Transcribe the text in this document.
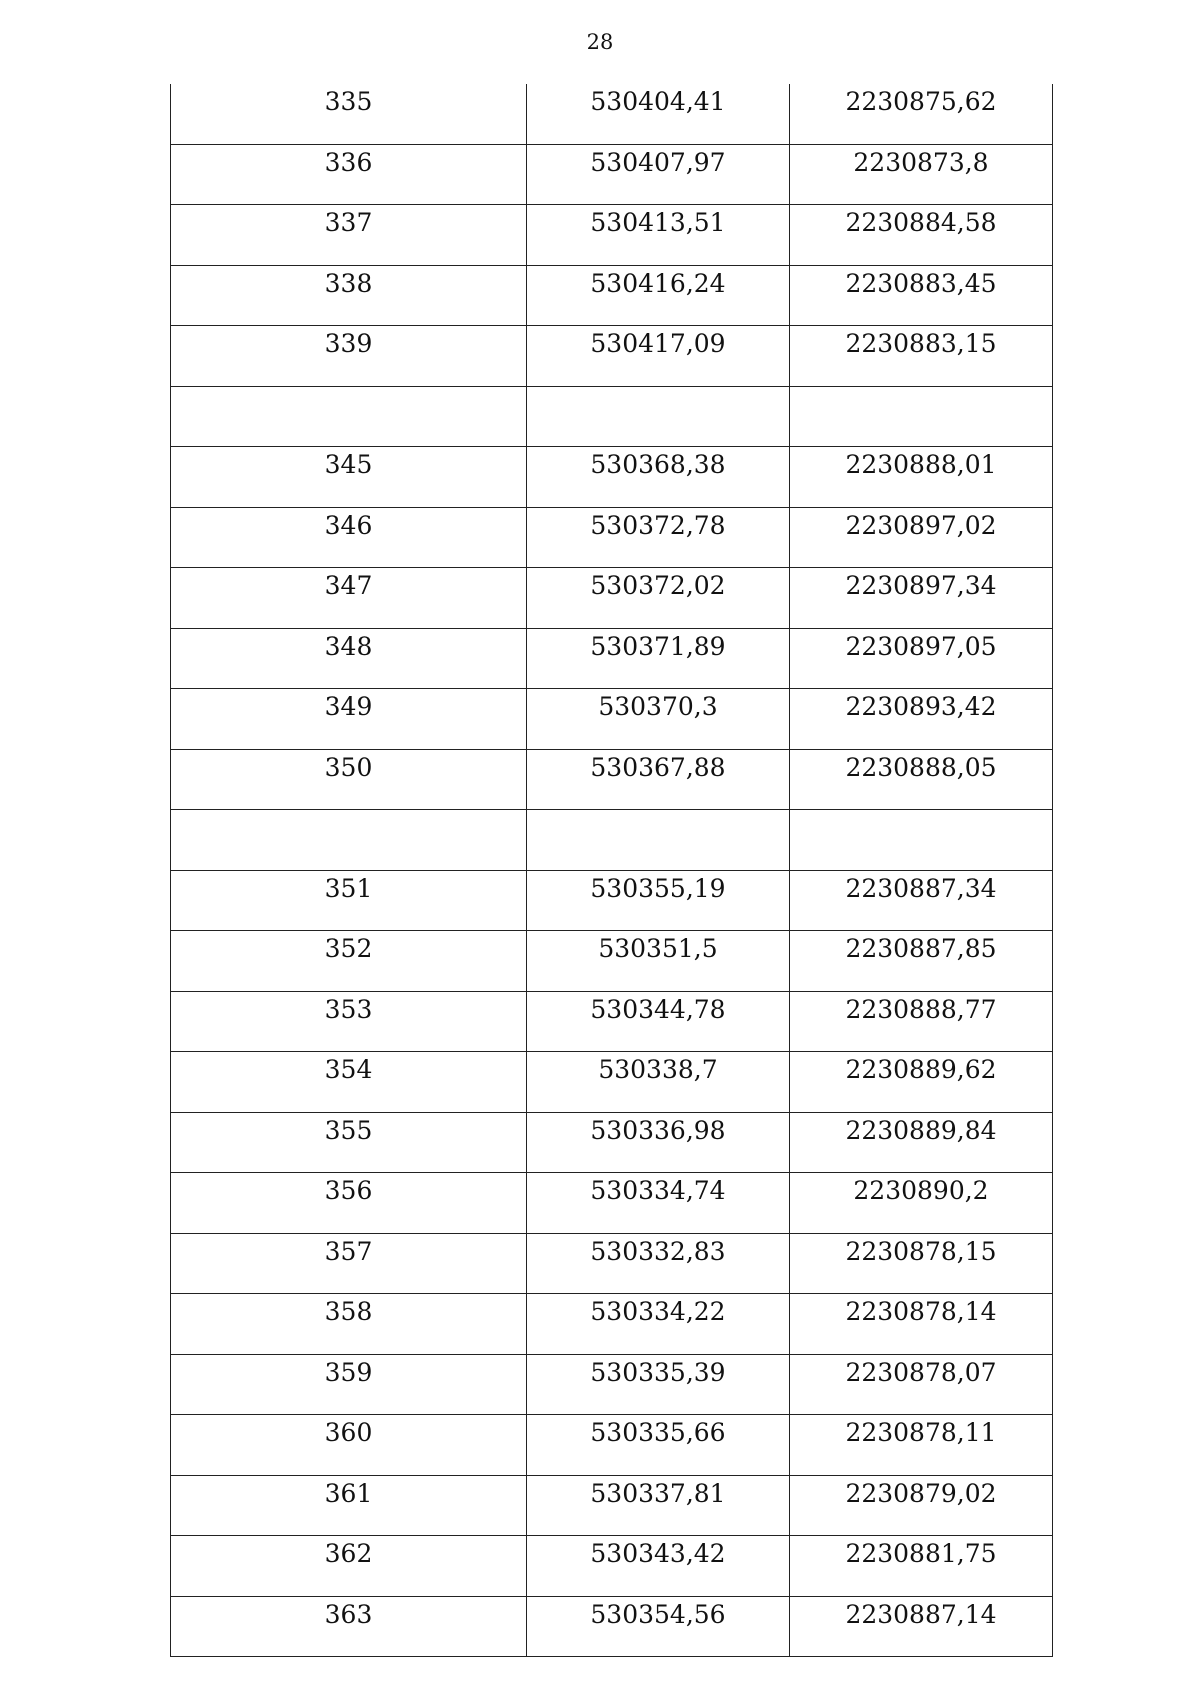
28
335	530404,41	2230875,62
336	530407,97	2230873,8
337	530413,51	2230884,58
338	530416,24	2230883,45
339	530417,09	2230883,15

345	530368,38	2230888,01
346	530372,78	2230897,02
347	530372,02	2230897,34
348	530371,89	2230897,05
349	530370,3	2230893,42
350	530367,88	2230888,05

351	530355,19	2230887,34
352	530351,5	2230887,85
353	530344,78	2230888,77
354	530338,7	2230889,62
355	530336,98	2230889,84
356	530334,74	2230890,2
357	530332,83	2230878,15
358	530334,22	2230878,14
359	530335,39	2230878,07
360	530335,66	2230878,11
361	530337,81	2230879,02
362	530343,42	2230881,75
363	530354,56	2230887,14
